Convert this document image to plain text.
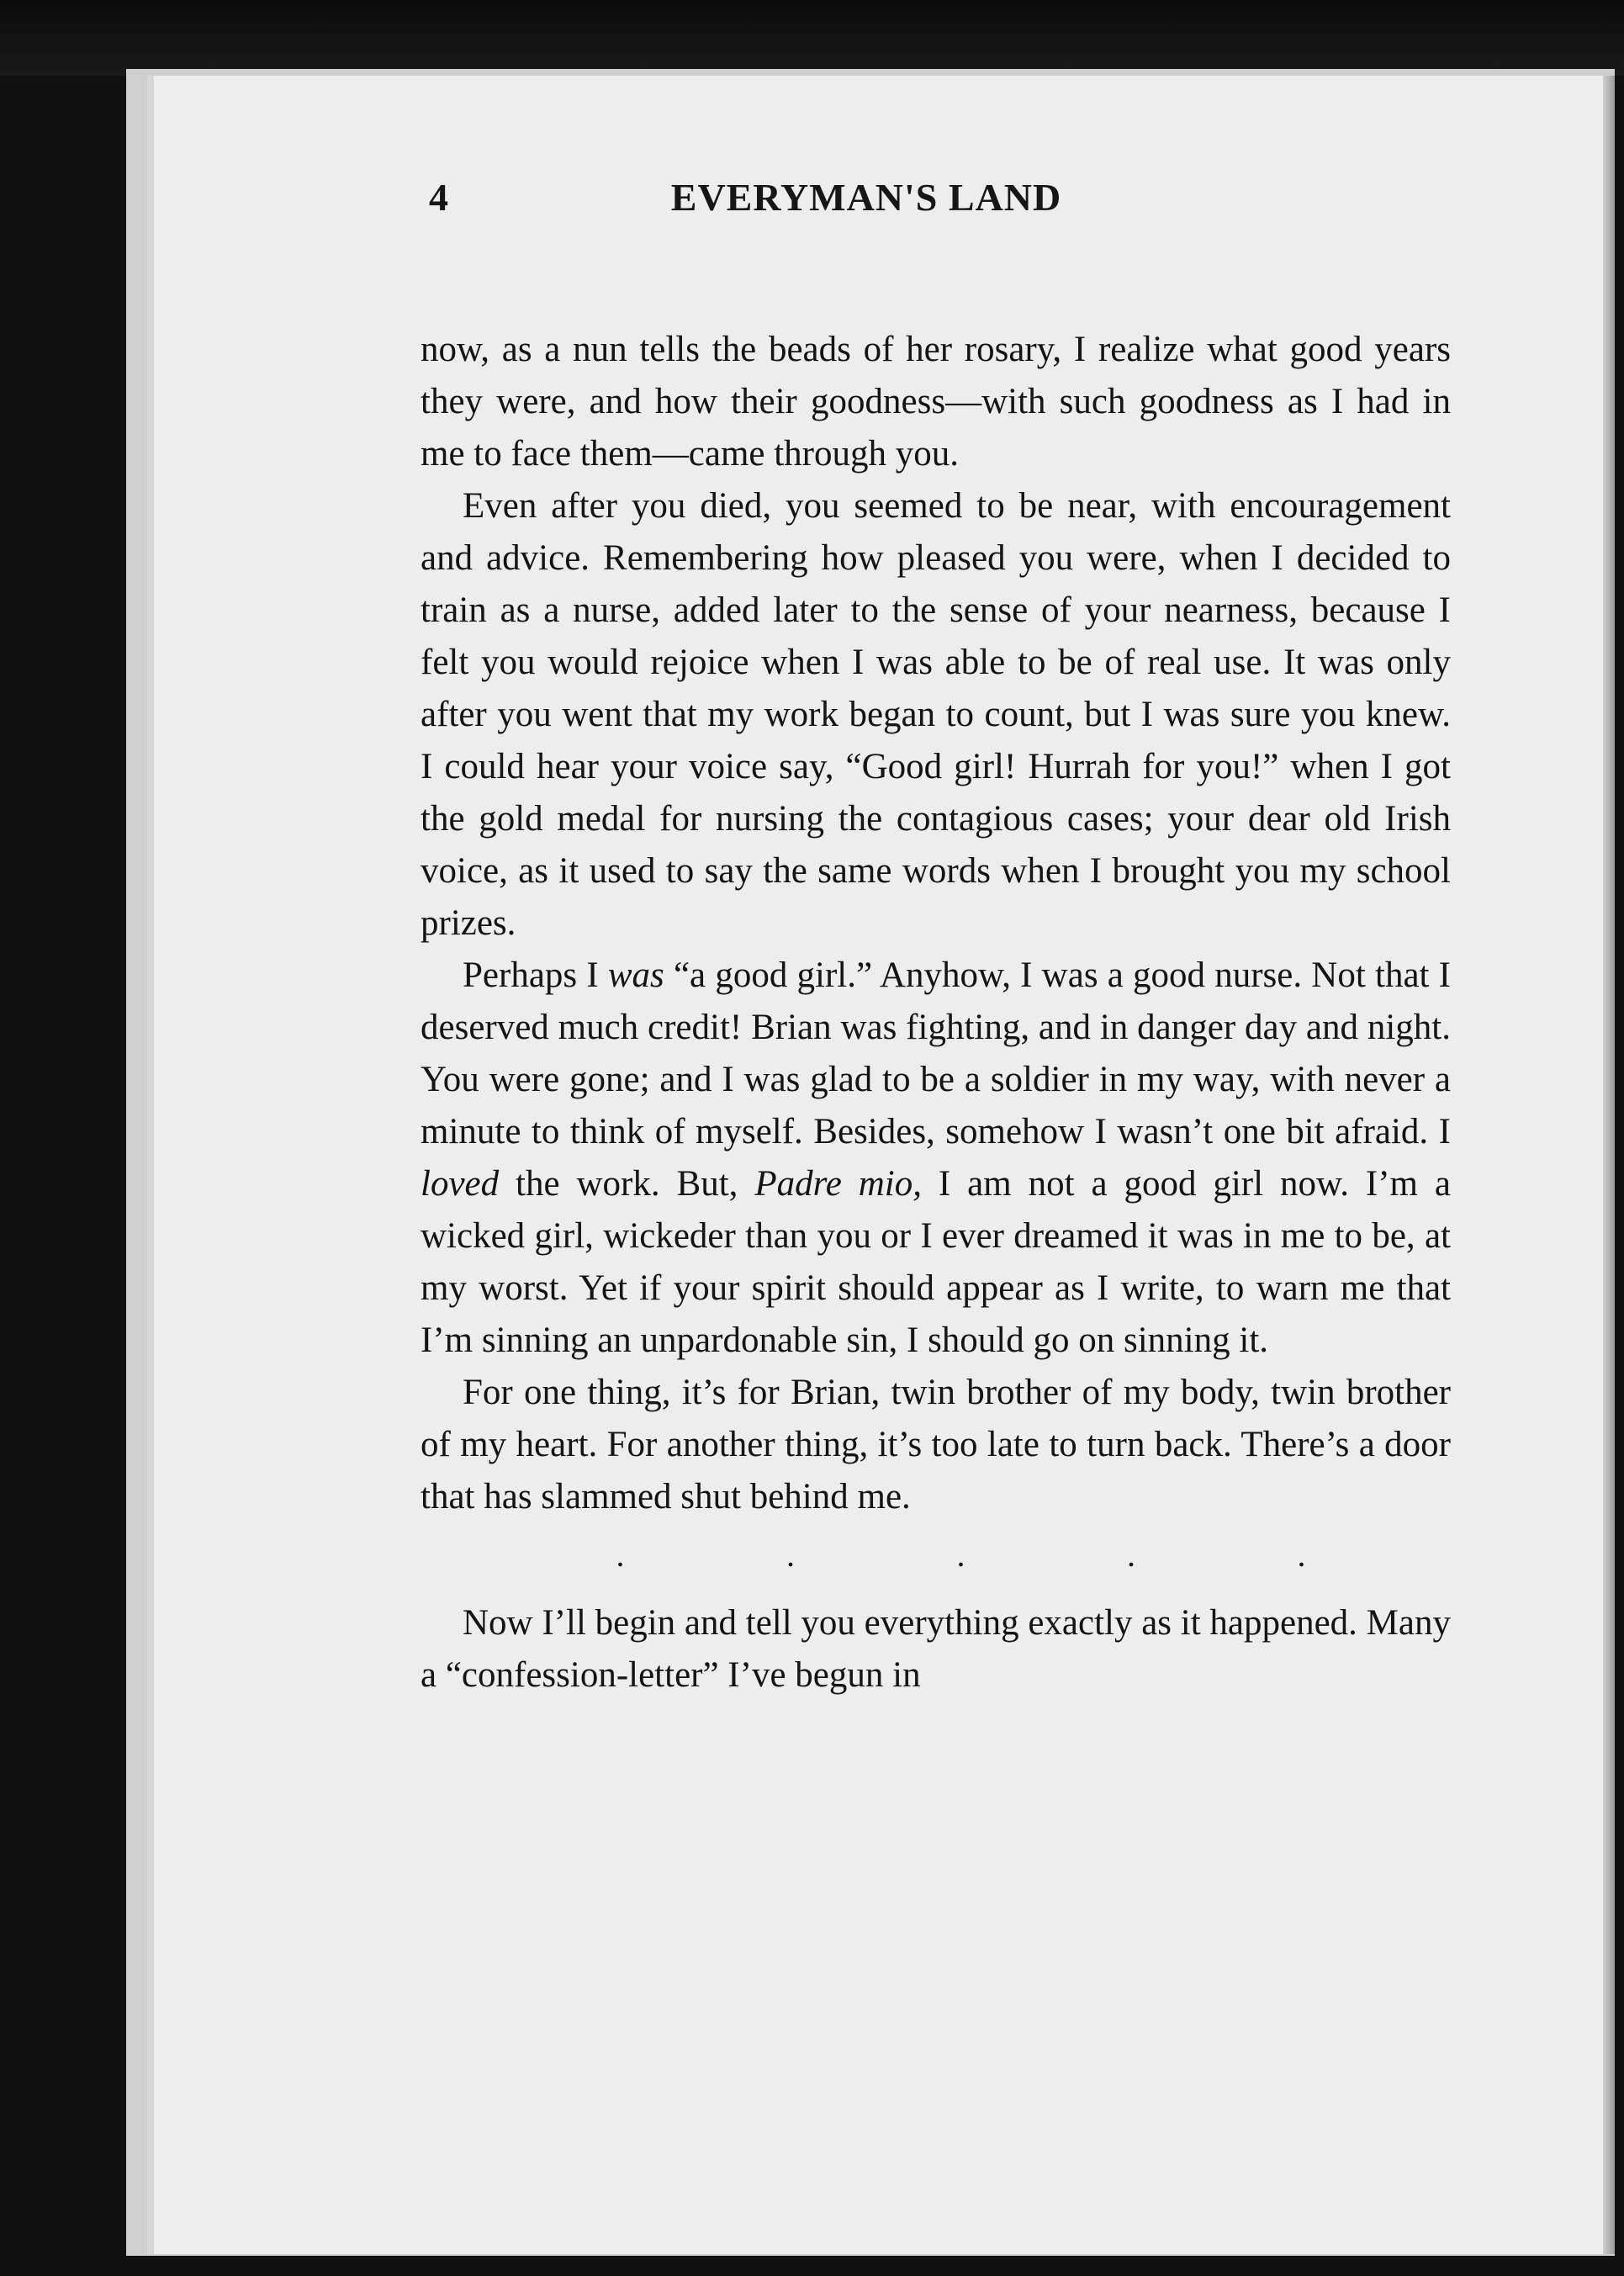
4	EVERYMAN'S LAND

now, as a nun tells the beads of her rosary, I realize what good years they were, and how their goodness—with such goodness as I had in me to face them—came through you.

Even after you died, you seemed to be near, with encouragement and advice. Remembering how pleased you were, when I decided to train as a nurse, added later to the sense of your nearness, because I felt you would rejoice when I was able to be of real use. It was only after you went that my work began to count, but I was sure you knew. I could hear your voice say, “Good girl! Hurrah for you!” when I got the gold medal for nursing the contagious cases; your dear old Irish voice, as it used to say the same words when I brought you my school prizes.

Perhaps I was “a good girl.” Anyhow, I was a good nurse. Not that I deserved much credit! Brian was fighting, and in danger day and night. You were gone; and I was glad to be a soldier in my way, with never a minute to think of myself. Besides, somehow I wasn’t one bit afraid. I loved the work. But, Padre mio, I am not a good girl now. I’m a wicked girl, wickeder than you or I ever dreamed it was in me to be, at my worst. Yet if your spirit should appear as I write, to warn me that I’m sinning an unpardonable sin, I should go on sinning it.

For one thing, it’s for Brian, twin brother of my body, twin brother of my heart. For another thing, it’s too late to turn back. There’s a door that has slammed shut behind me.

.	.	.	.	.

Now I’ll begin and tell you everything exactly as it happened. Many a “confession-letter” I’ve begun in
